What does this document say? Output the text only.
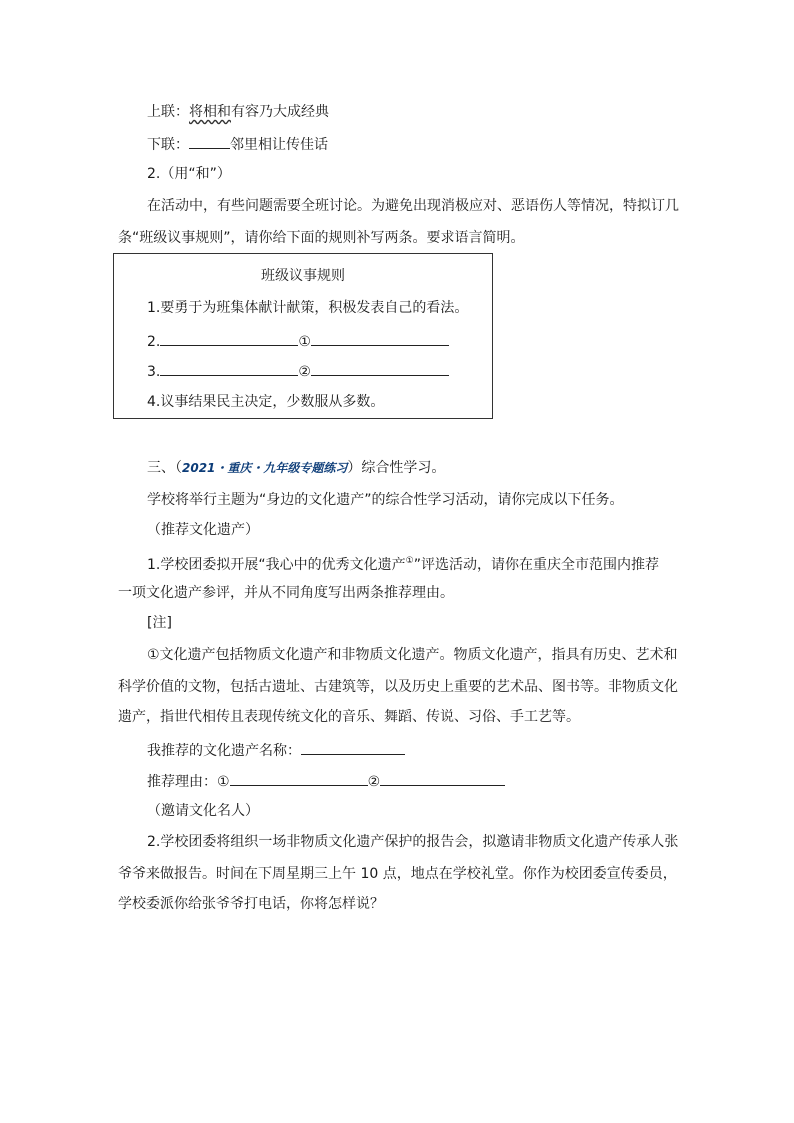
上联：将相和有容乃大成经典
下联：	邻里相让传佳话
2.（用“和”）
在活动中，有些问题需要全班讨论。为避免出现消极应对、恶语伤人等情况，特拟订几
条“班级议事规则”，请你给下面的规则补写两条。要求语言简明。
班级议事规则
1.要勇于为班集体献计献策，积极发表自己的看法。
2.	①
3.	②
4.议事结果民主决定，少数服从多数。
三、（2021・重庆・九年级专题练习）综合性学习。
学校将举行主题为“身边的文化遗产”的综合性学习活动，请你完成以下任务。
（推荐文化遗产）
1.学校团委拟开展“我心中的优秀文化遗产①”评选活动，请你在重庆全市范围内推荐
一项文化遗产参评，并从不同角度写出两条推荐理由。
[注]
①文化遗产包括物质文化遗产和非物质文化遗产。物质文化遗产，指具有历史、艺术和
科学价值的文物，包括古遗址、古建筑等，以及历史上重要的艺术品、图书等。非物质文化
遗产，指世代相传且表现传统文化的音乐、舞蹈、传说、习俗、手工艺等。
我推荐的文化遗产名称：
推荐理由：①	②
（邀请文化名人）
2.学校团委将组织一场非物质文化遗产保护的报告会，拟邀请非物质文化遗产传承人张
爷爷来做报告。时间在下周星期三上午 10 点，地点在学校礼堂。你作为校团委宣传委员，
学校委派你给张爷爷打电话，你将怎样说？
